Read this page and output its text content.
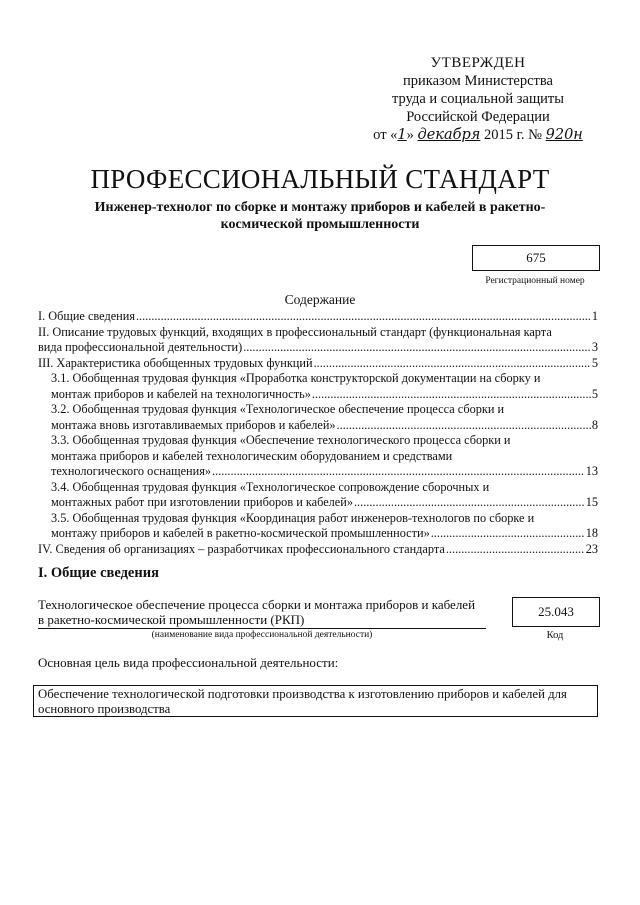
УТВЕРЖДЕН
приказом Министерства
труда и социальной защиты
Российской Федерации
от «1» декабря 2015 г. № 920н
ПРОФЕССИОНАЛЬНЫЙ СТАНДАРТ
Инженер-технолог по сборке и монтажу приборов и кабелей в ракетно-космической промышленности
675
Регистрационный номер
Содержание
I. Общие сведения .....	1
II. Описание трудовых функций, входящих в профессиональный стандарт (функциональная карта
вида профессиональной деятельности) .....	3
III. Характеристика обобщенных трудовых функций .....	5
3.1. Обобщенная трудовая функция «Проработка конструкторской документации на сборку и
монтаж приборов и кабелей на технологичность» .....	5
3.2. Обобщенная трудовая функция «Технологическое обеспечение процесса сборки и
монтажа вновь изготавливаемых приборов и кабелей» .....	8
3.3. Обобщенная трудовая функция «Обеспечение технологического процесса сборки и
монтажа приборов и кабелей технологическим оборудованием и средствами
технологического оснащения» .....	13
3.4. Обобщенная трудовая функция «Технологическое сопровождение сборочных и
монтажных работ при изготовлении приборов и кабелей» .....	15
3.5. Обобщенная трудовая функция «Координация работ инженеров-технологов по сборке и
монтажу приборов и кабелей в ракетно-космической промышленности» .....	18
IV. Сведения об организациях – разработчиках профессионального стандарта .....	23
I. Общие сведения
Технологическое обеспечение процесса сборки и монтажа приборов и кабелей
в ракетно-космической промышленности (РКП)
(наименование вида профессиональной деятельности)
25.043
Код
Основная цель вида профессиональной деятельности:
Обеспечение технологической подготовки производства к изготовлению приборов и кабелей для
основного производства
